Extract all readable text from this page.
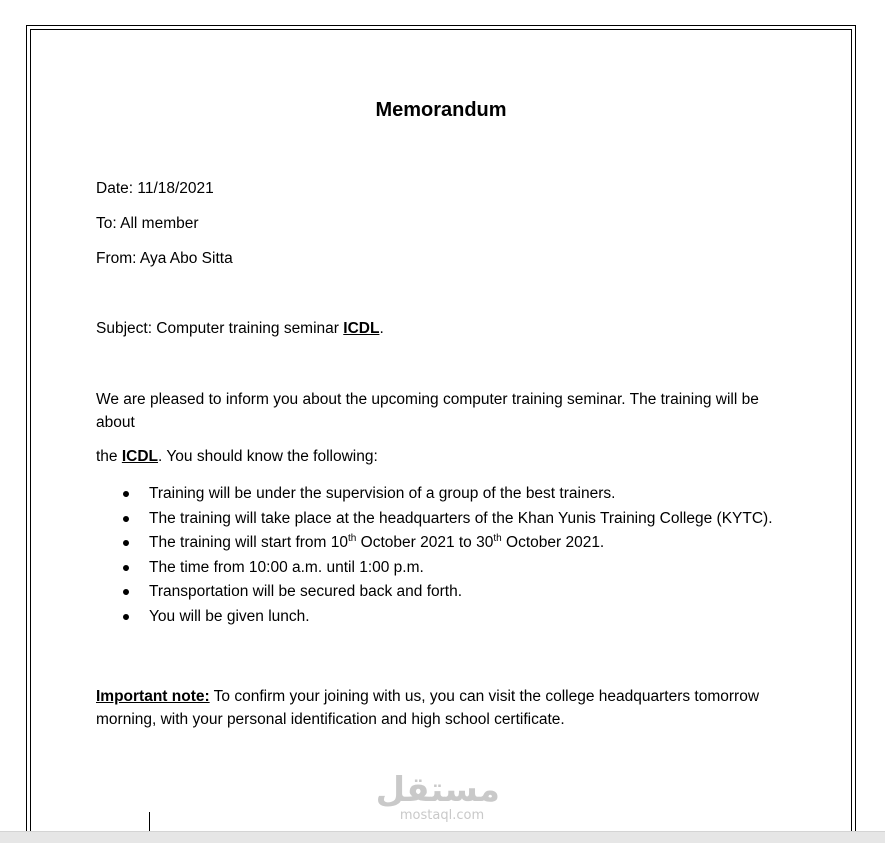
Memorandum
Date: 11/18/2021
To: All member
From: Aya Abo Sitta
Subject: Computer training seminar ICDL.
We are pleased to inform you about the upcoming computer training seminar. The training will be about
the ICDL. You should know the following:
Training will be under the supervision of a group of the best trainers.
The training will take place at the headquarters of the Khan Yunis Training College (KYTC).
The training will start from 10th October 2021 to 30th October 2021.
The time from 10:00 a.m. until 1:00 p.m.
Transportation will be secured back and forth.
You will be given lunch.
Important note: To confirm your joining with us, you can visit the college headquarters tomorrow morning, with your personal identification and high school certificate.
مستقل
mostaql.com
